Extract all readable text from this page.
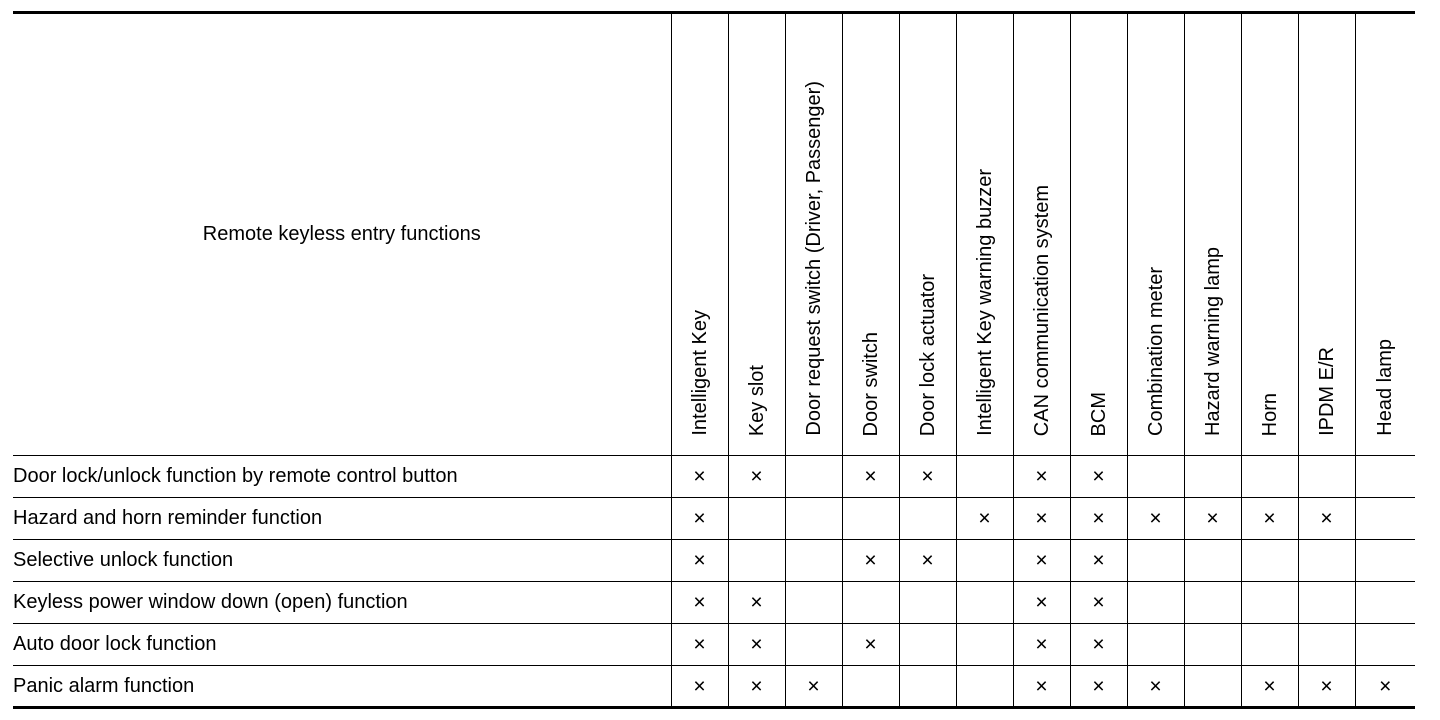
Remote keyless entry functions	Intelligent Key	Key slot	Door request switch (Driver, Passenger)	Door switch	Door lock actuator	Intelligent Key warning buzzer	CAN communication system	BCM	Combination meter	Hazard warning lamp	Horn	IPDM E/R	Head lamp
Door lock/unlock function by remote control button	×	×		×	×		×	×					
Hazard and horn reminder function	×					×	×	×	×	×	×	×	
Selective unlock function	×			×	×		×	×					
Keyless power window down (open) function	×	×					×	×					
Auto door lock function	×	×		×			×	×					
Panic alarm function	×	×	×				×	×	×		×	×	×
